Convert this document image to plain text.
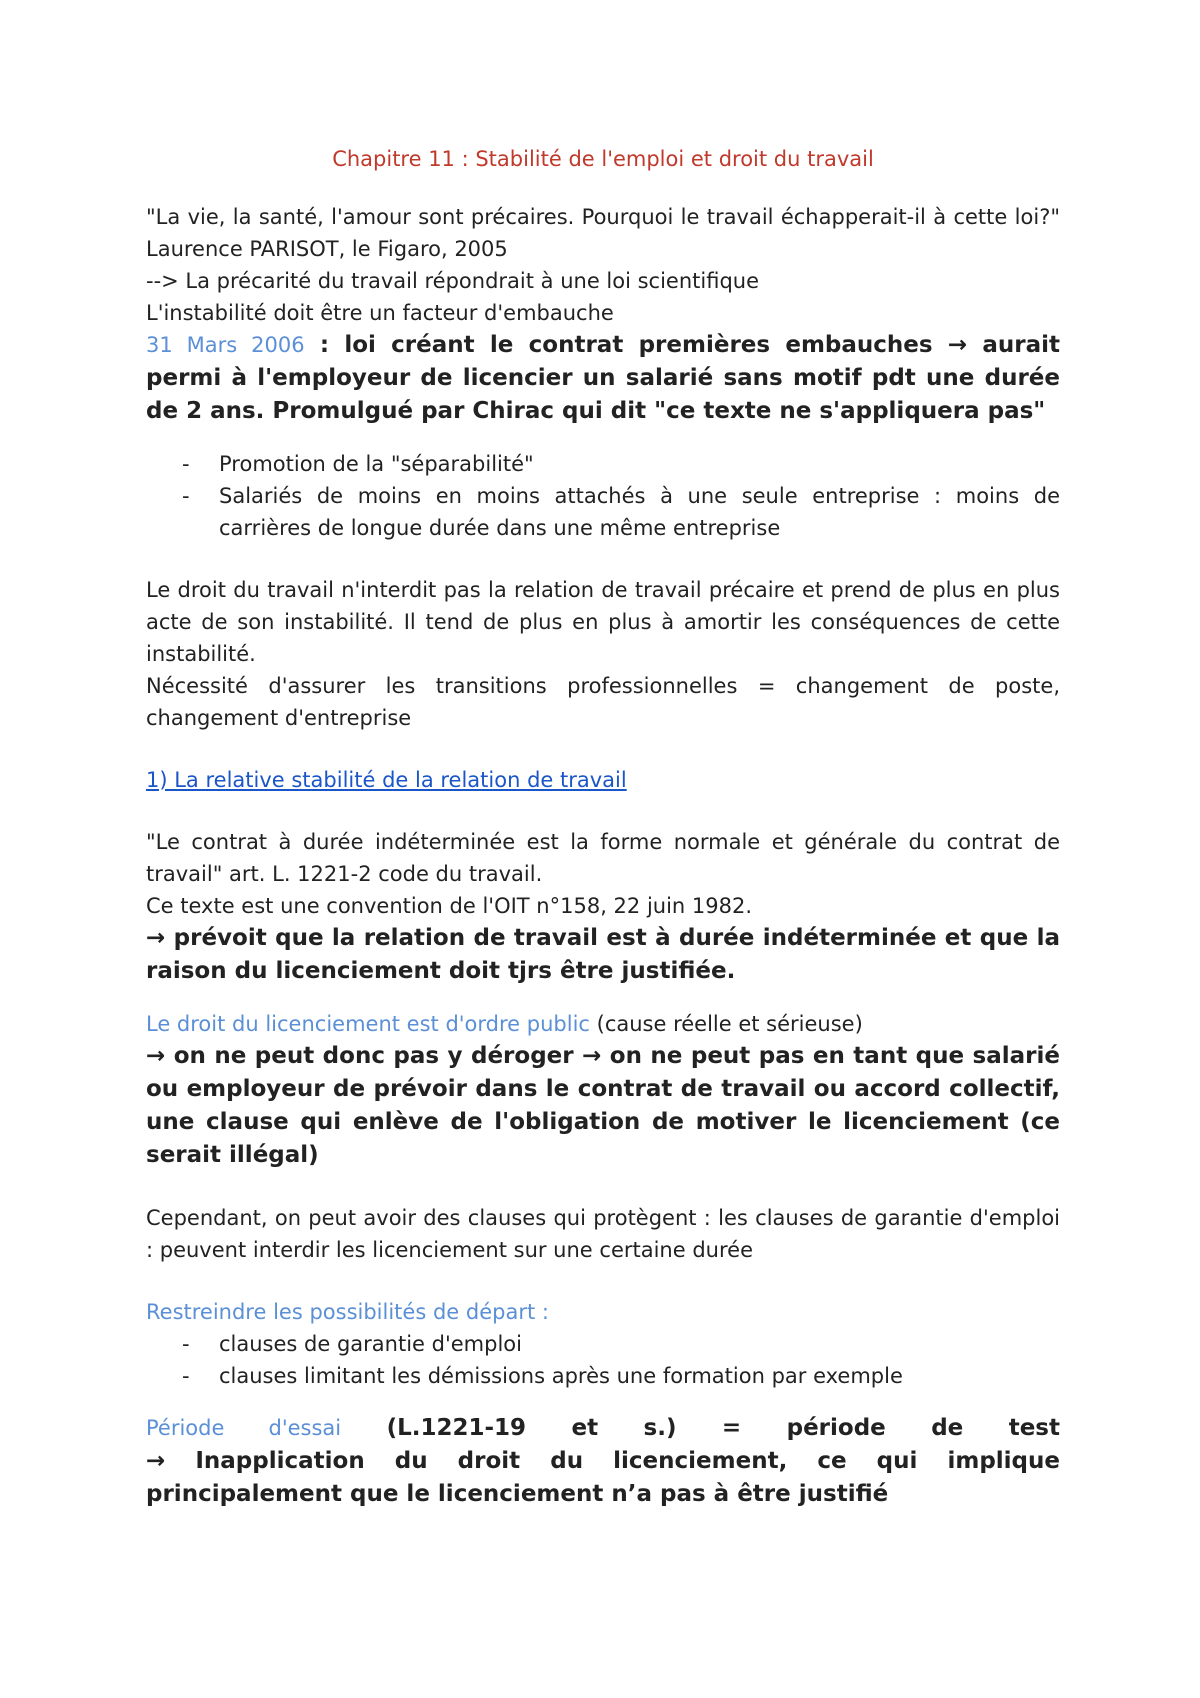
Chapitre 11 : Stabilité de l'emploi et droit du travail

"La vie, la santé, l'amour sont précaires. Pourquoi le travail échapperait-il à cette loi?" Laurence PARISOT, le Figaro, 2005

--> La précarité du travail répondrait à une loi scientifique

L'instabilité doit être un facteur d'embauche

31 Mars 2006 : loi créant le contrat premières embauches → aurait permi à l'employeur de licencier un salarié sans motif pdt une durée de 2 ans. Promulgué par Chirac qui dit "ce texte ne s'appliquera pas"

- Promotion de la "séparabilité"
- Salariés de moins en moins attachés à une seule entreprise : moins de carrières de longue durée dans une même entreprise

Le droit du travail n'interdit pas la relation de travail précaire et prend de plus en plus acte de son instabilité. Il tend de plus en plus à amortir les conséquences de cette instabilité.

Nécessité d'assurer les transitions professionnelles = changement de poste, changement d'entreprise

1) La relative stabilité de la relation de travail

"Le contrat à durée indéterminée est la forme normale et générale du contrat de travail" art. L. 1221-2 code du travail.

Ce texte est une convention de l'OIT n°158, 22 juin 1982.

→ prévoit que la relation de travail est à durée indéterminée et que la raison du licenciement doit tjrs être justifiée.

Le droit du licenciement est d'ordre public (cause réelle et sérieuse)

→ on ne peut donc pas y déroger → on ne peut pas en tant que salarié ou employeur de prévoir dans le contrat de travail ou accord collectif, une clause qui enlève de l'obligation de motiver le licenciement (ce serait illégal)

Cependant, on peut avoir des clauses qui protègent : les clauses de garantie d'emploi : peuvent interdir les licenciement sur une certaine durée

Restreindre les possibilités de départ :

- clauses de garantie d'emploi
- clauses limitant les démissions après une formation par exemple

Période d'essai (L.1221-19 et s.) = période de test

→ Inapplication du droit du licenciement, ce qui implique principalement que le licenciement n’a pas à être justifié
